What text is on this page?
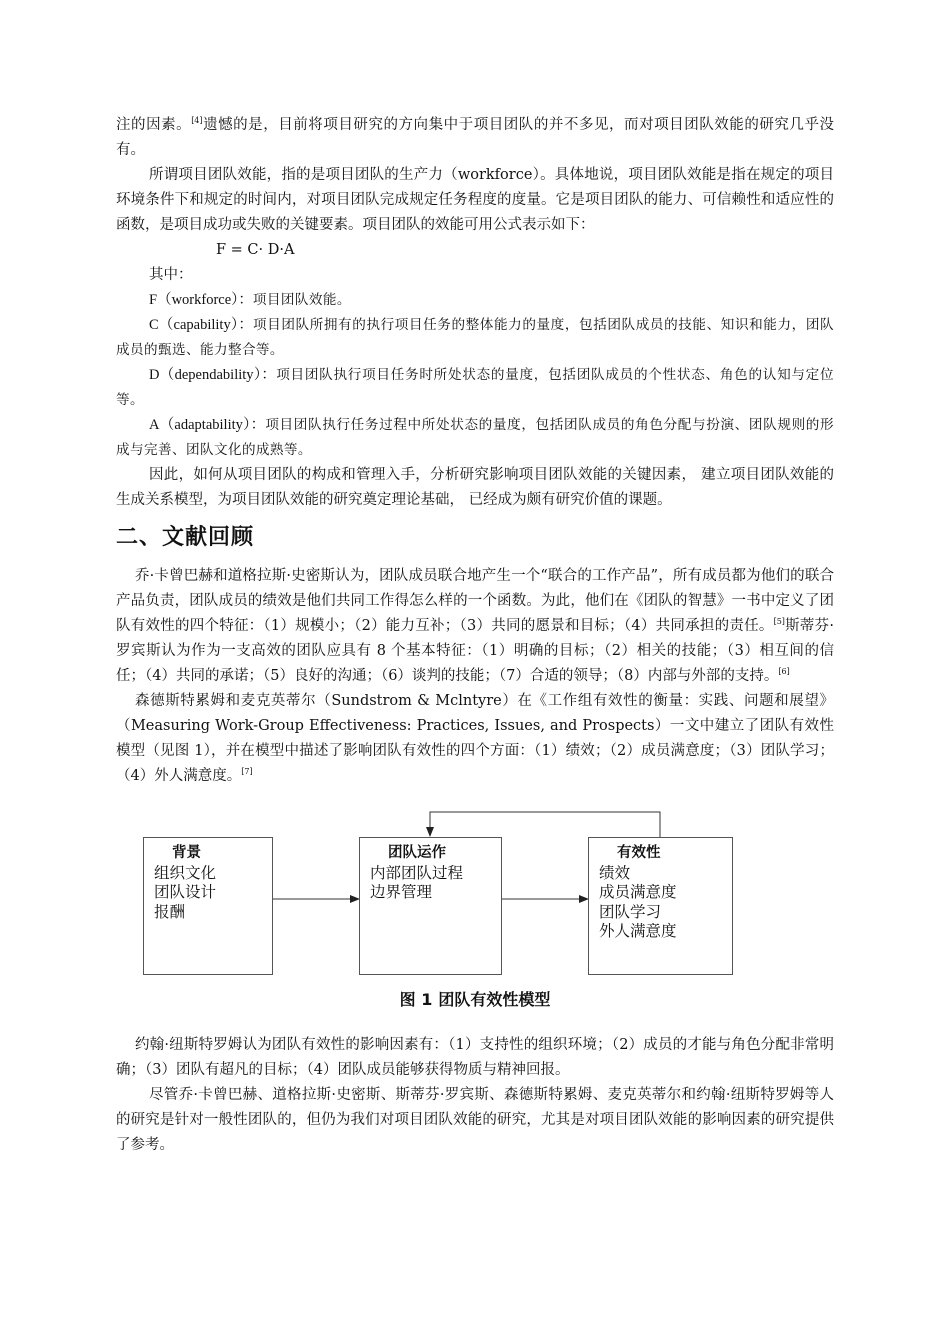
注的因素。[4]遗憾的是，目前将项目研究的方向集中于项目团队的并不多见，而对项目团队效能的研究几乎没有。

所谓项目团队效能，指的是项目团队的生产力（workforce）。具体地说，项目团队效能是指在规定的项目环境条件下和规定的时间内，对项目团队完成规定任务程度的度量。它是项目团队的能力、可信赖性和适应性的函数，是项目成功或失败的关键要素。项目团队的效能可用公式表示如下：

F = C· D·A

其中：

F（workforce）：项目团队效能。

C（capability）：项目团队所拥有的执行项目任务的整体能力的量度，包括团队成员的技能、知识和能力，团队成员的甄选、能力整合等。

D（dependability）：项目团队执行项目任务时所处状态的量度，包括团队成员的个性状态、角色的认知与定位等。

A（adaptability）：项目团队执行任务过程中所处状态的量度，包括团队成员的角色分配与扮演、团队规则的形成与完善、团队文化的成熟等。

因此，如何从项目团队的构成和管理入手，分析研究影响项目团队效能的关键因素， 建立项目团队效能的生成关系模型，为项目团队效能的研究奠定理论基础， 已经成为颇有研究价值的课题。

二、文献回顾

乔·卡曾巴赫和道格拉斯·史密斯认为，团队成员联合地产生一个“联合的工作产品”，所有成员都为他们的联合产品负责，团队成员的绩效是他们共同工作得怎么样的一个函数。为此，他们在《团队的智慧》一书中定义了团队有效性的四个特征：（1）规模小；（2）能力互补；（3）共同的愿景和目标；（4）共同承担的责任。[5]斯蒂芬·罗宾斯认为作为一支高效的团队应具有 8 个基本特征：（1）明确的目标；（2）相关的技能；（3）相互间的信任；（4）共同的承诺；（5）良好的沟通；（6）谈判的技能；（7）合适的领导；（8）内部与外部的支持。[6]

森德斯特累姆和麦克英蒂尔（Sundstrom & Mclntyre）在《工作组有效性的衡量：实践、问题和展望》（Measuring Work-Group Effectiveness: Practices, Issues, and Prospects）一文中建立了团队有效性模型（见图 1），并在模型中描述了影响团队有效性的四个方面：（1）绩效；（2）成员满意度；（3）团队学习；（4）外人满意度。[7]

背景
组织文化
团队设计
报酬
团队运作
内部团队过程
边界管理
有效性
绩效
成员满意度
团队学习
外人满意度
图 1 团队有效性模型

约翰·纽斯特罗姆认为团队有效性的影响因素有：（1）支持性的组织环境；（2）成员的才能与角色分配非常明确；（3）团队有超凡的目标；（4）团队成员能够获得物质与精神回报。

尽管乔·卡曾巴赫、道格拉斯·史密斯、斯蒂芬·罗宾斯、森德斯特累姆、麦克英蒂尔和约翰·纽斯特罗姆等人的研究是针对一般性团队的，但仍为我们对项目团队效能的研究，尤其是对项目团队效能的影响因素的研究提供了参考。
